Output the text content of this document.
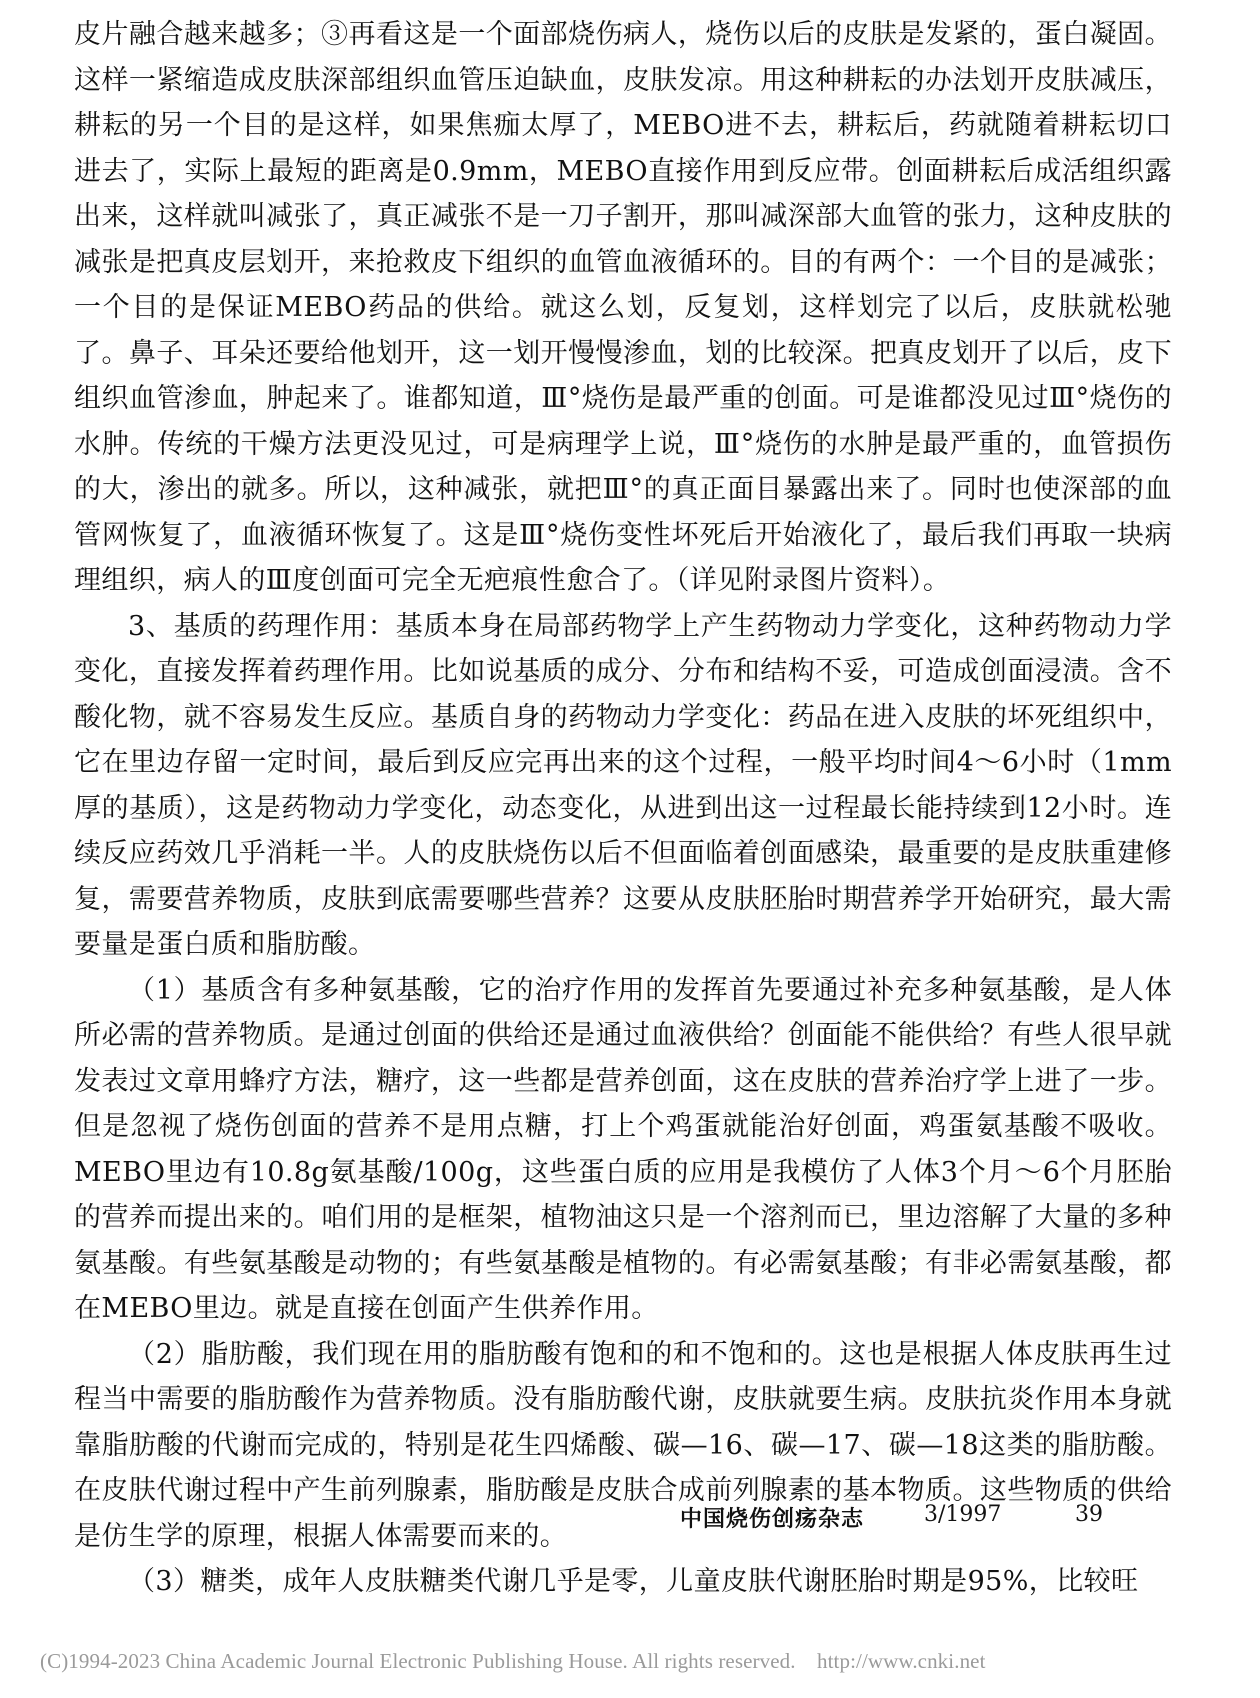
皮片融合越来越多；③再看这是一个面部烧伤病人，烧伤以后的皮肤是发紧的，蛋白凝固。这样一紧缩造成皮肤深部组织血管压迫缺血，皮肤发凉。用这种耕耘的办法划开皮肤减压，耕耘的另一个目的是这样，如果焦痂太厚了，MEBO进不去，耕耘后，药就随着耕耘切口进去了，实际上最短的距离是0.9mm，MEBO直接作用到反应带。创面耕耘后成活组织露出来，这样就叫减张了，真正减张不是一刀子割开，那叫减深部大血管的张力，这种皮肤的减张是把真皮层划开，来抢救皮下组织的血管血液循环的。目的有两个：一个目的是减张；一个目的是保证MEBO药品的供给。就这么划，反复划，这样划完了以后，皮肤就松驰了。鼻子、耳朵还要给他划开，这一划开慢慢渗血，划的比较深。把真皮划开了以后，皮下组织血管渗血，肿起来了。谁都知道，Ⅲ°烧伤是最严重的创面。可是谁都没见过Ⅲ°烧伤的水肿。传统的干燥方法更没见过，可是病理学上说，Ⅲ°烧伤的水肿是最严重的，血管损伤的大，渗出的就多。所以，这种减张，就把Ⅲ°的真正面目暴露出来了。同时也使深部的血管网恢复了，血液循环恢复了。这是Ⅲ°烧伤变性坏死后开始液化了，最后我们再取一块病理组织，病人的Ⅲ度创面可完全无疤痕性愈合了。（详见附录图片资料）。

3、基质的药理作用：基质本身在局部药物学上产生药物动力学变化，这种药物动力学变化，直接发挥着药理作用。比如说基质的成分、分布和结构不妥，可造成创面浸渍。含不酸化物，就不容易发生反应。基质自身的药物动力学变化：药品在进入皮肤的坏死组织中，它在里边存留一定时间，最后到反应完再出来的这个过程，一般平均时间4～6小时（1mm厚的基质），这是药物动力学变化，动态变化，从进到出这一过程最长能持续到12小时。连续反应药效几乎消耗一半。人的皮肤烧伤以后不但面临着创面感染，最重要的是皮肤重建修复，需要营养物质，皮肤到底需要哪些营养？这要从皮肤胚胎时期营养学开始研究，最大需要量是蛋白质和脂肪酸。

（1）基质含有多种氨基酸，它的治疗作用的发挥首先要通过补充多种氨基酸，是人体所必需的营养物质。是通过创面的供给还是通过血液供给？创面能不能供给？有些人很早就发表过文章用蜂疗方法，糖疗，这一些都是营养创面，这在皮肤的营养治疗学上进了一步。但是忽视了烧伤创面的营养不是用点糖，打上个鸡蛋就能治好创面，鸡蛋氨基酸不吸收。MEBO里边有10.8g氨基酸/100g，这些蛋白质的应用是我模仿了人体3个月～6个月胚胎的营养而提出来的。咱们用的是框架，植物油这只是一个溶剂而已，里边溶解了大量的多种氨基酸。有些氨基酸是动物的；有些氨基酸是植物的。有必需氨基酸；有非必需氨基酸，都在MEBO里边。就是直接在创面产生供养作用。

（2）脂肪酸，我们现在用的脂肪酸有饱和的和不饱和的。这也是根据人体皮肤再生过程当中需要的脂肪酸作为营养物质。没有脂肪酸代谢，皮肤就要生病。皮肤抗炎作用本身就靠脂肪酸的代谢而完成的，特别是花生四烯酸、碳—16、碳—17、碳—18这类的脂肪酸。在皮肤代谢过程中产生前列腺素，脂肪酸是皮肤合成前列腺素的基本物质。这些物质的供给是仿生学的原理，根据人体需要而来的。

（3）糖类，成年人皮肤糖类代谢几乎是零，儿童皮肤代谢胚胎时期是95%，比较旺

中国烧伤创疡杂志	3/1997	39
(C)1994-2023 China Academic Journal Electronic Publishing House. All rights reserved.    http://www.cnki.net
